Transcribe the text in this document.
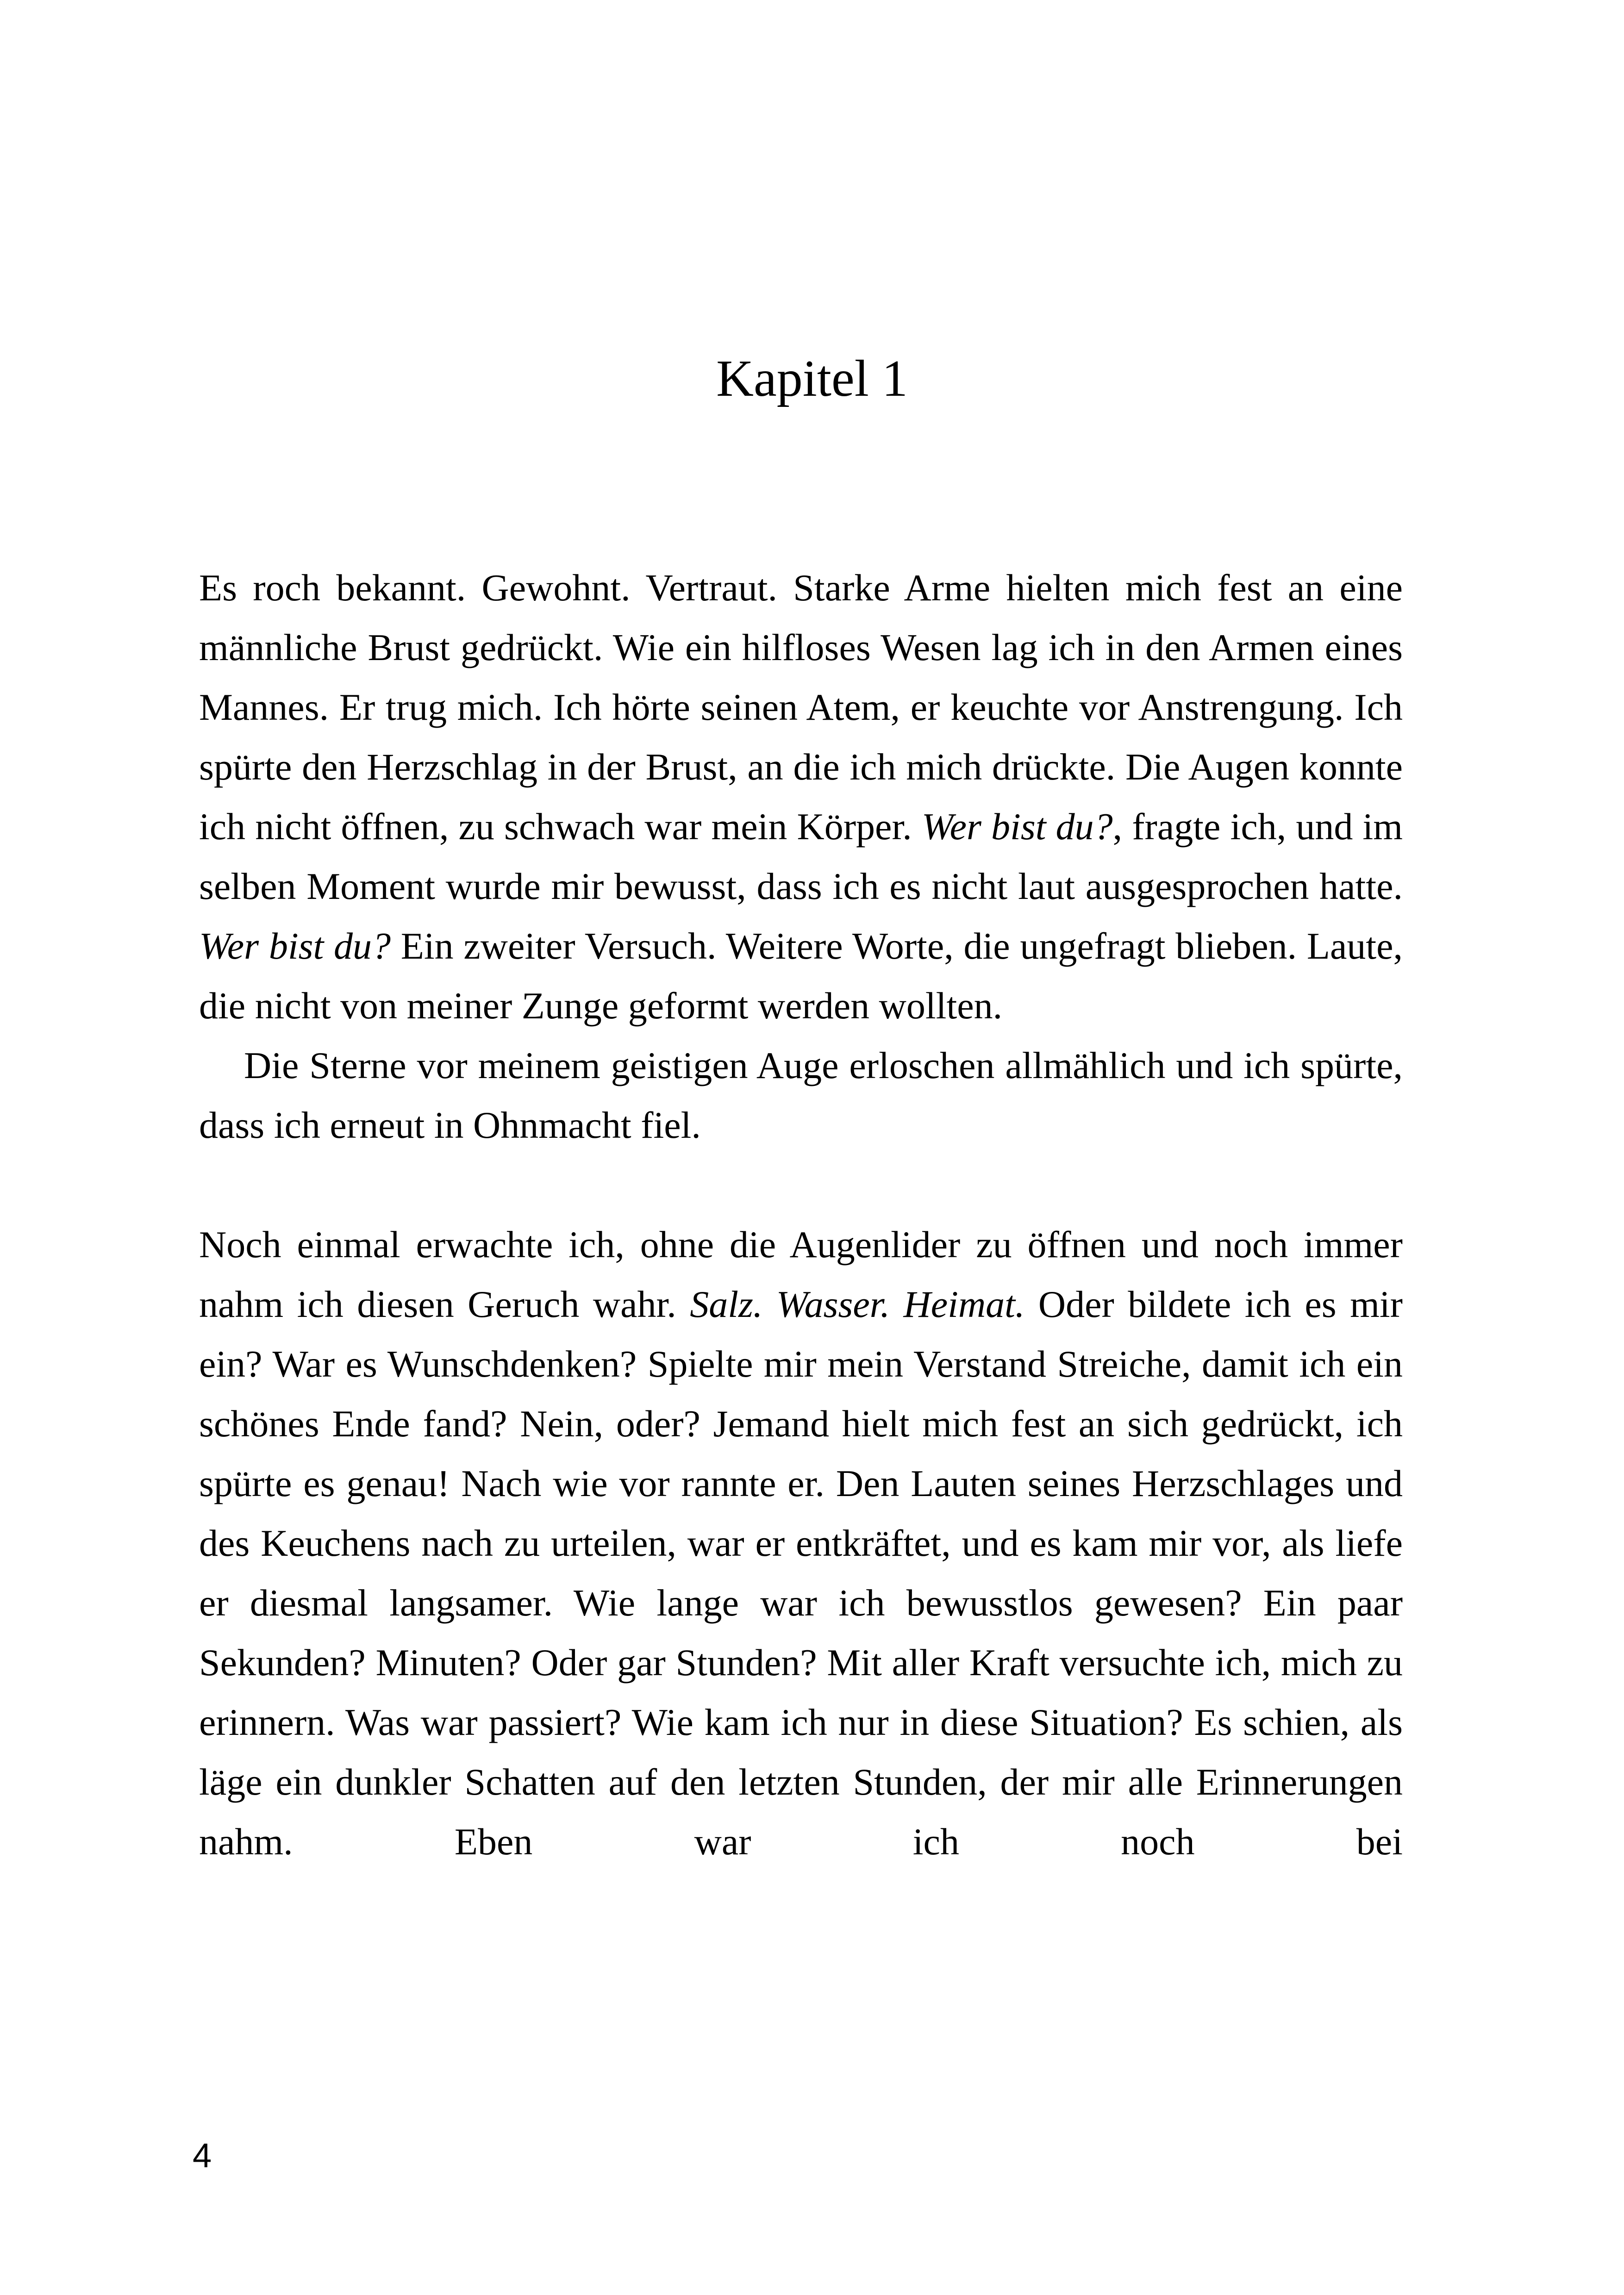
Kapitel 1

Es roch bekannt. Gewohnt. Vertraut. Starke Arme hielten mich fest an eine männliche Brust gedrückt. Wie ein hilfloses Wesen lag ich in den Armen eines Mannes. Er trug mich. Ich hörte seinen Atem, er keuchte vor Anstrengung. Ich spürte den Herzschlag in der Brust, an die ich mich drückte. Die Augen konnte ich nicht öffnen, zu schwach war mein Körper. Wer bist du?, fragte ich, und im selben Moment wurde mir bewusst, dass ich es nicht laut ausgesprochen hatte. Wer bist du? Ein zweiter Versuch. Weitere Worte, die ungefragt blieben. Laute, die nicht von meiner Zunge geformt werden wollten.

Die Sterne vor meinem geistigen Auge erloschen allmählich und ich spürte, dass ich erneut in Ohnmacht fiel.

Noch einmal erwachte ich, ohne die Augenlider zu öffnen und noch immer nahm ich diesen Geruch wahr. Salz. Wasser. Heimat. Oder bildete ich es mir ein? War es Wunschdenken? Spielte mir mein Verstand Streiche, damit ich ein schönes Ende fand? Nein, oder? Jemand hielt mich fest an sich gedrückt, ich spürte es genau! Nach wie vor rannte er. Den Lauten seines Herzschlages und des Keuchens nach zu urteilen, war er entkräftet, und es kam mir vor, als liefe er diesmal langsamer. Wie lange war ich bewusstlos gewesen? Ein paar Sekunden? Minuten? Oder gar Stunden? Mit aller Kraft versuchte ich, mich zu erinnern. Was war passiert? Wie kam ich nur in diese Situation? Es schien, als läge ein dunkler Schatten auf den letzten Stunden, der mir alle Erinnerungen nahm. Eben war ich noch bei

4
